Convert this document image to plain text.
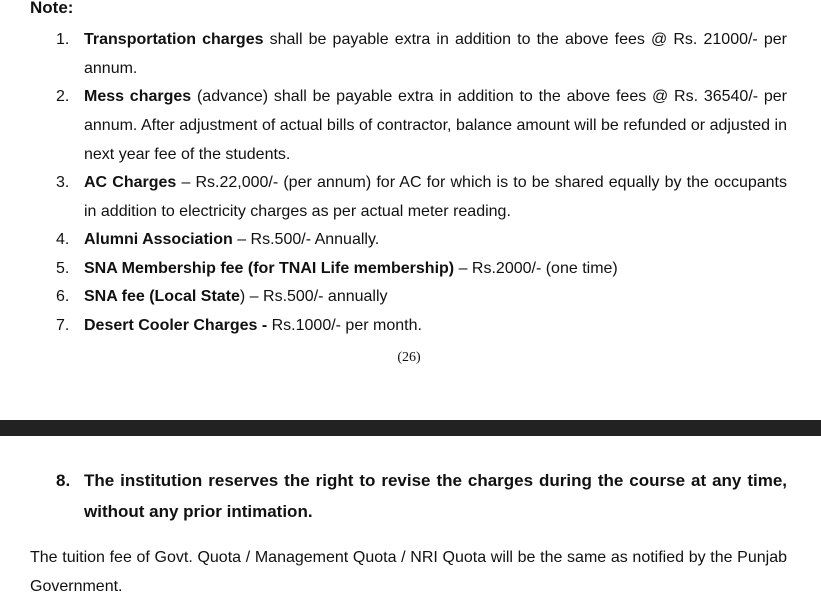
Note:
1. Transportation charges shall be payable extra in addition to the above fees @ Rs. 21000/- per annum.
2. Mess charges (advance) shall be payable extra in addition to the above fees @ Rs. 36540/- per annum. After adjustment of actual bills of contractor, balance amount will be refunded or adjusted in next year fee of the students.
3. AC Charges – Rs.22,000/- (per annum) for AC for which is to be shared equally by the occupants in addition to electricity charges as per actual meter reading.
4. Alumni Association – Rs.500/- Annually.
5. SNA Membership fee (for TNAI Life membership) – Rs.2000/- (one time)
6. SNA fee (Local State) – Rs.500/- annually
7. Desert Cooler Charges - Rs.1000/- per month.
(26)
8. The institution reserves the right to revise the charges during the course at any time, without any prior intimation.

The tuition fee of Govt. Quota / Management Quota / NRI Quota will be the same as notified by the Punjab Government.
